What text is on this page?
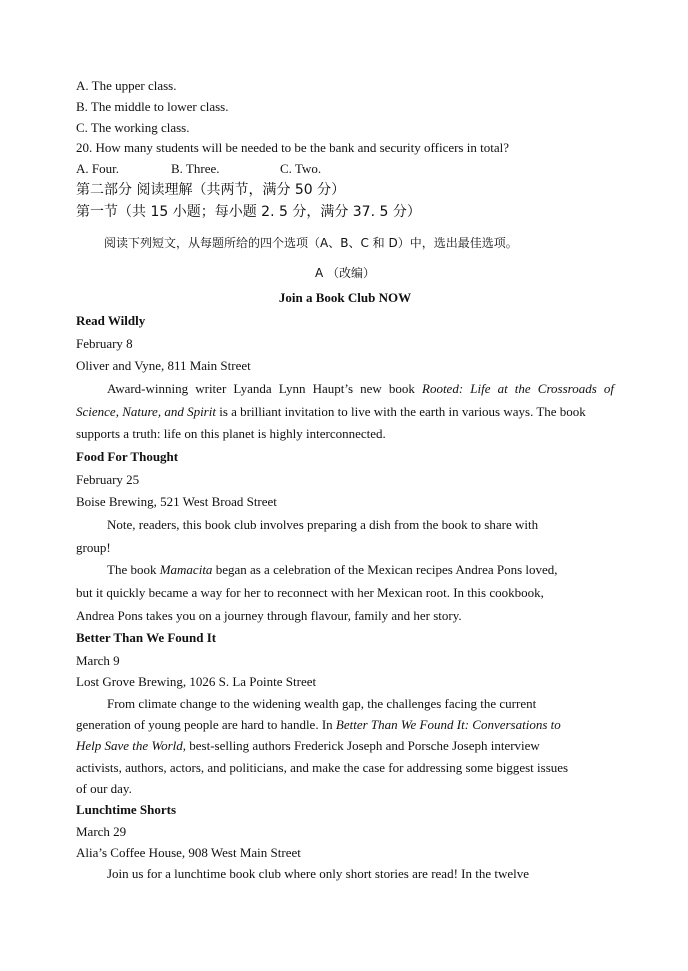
A. The upper class.
B. The middle to lower class.
C. The working class.
20. How many students will be needed to be the bank and security officers in total?
A. Four.	B. Three.	C. Two.
第二部分 阅读理解（共两节，满分 50 分）
第一节（共 15 小题；每小题 2. 5 分，满分 37. 5 分）
阅读下列短文，从每题所给的四个选项（A、B、C 和 D）中，选出最佳选项。
A （改编）
Join a Book Club NOW
Read Wildly
February 8
Oliver and Vyne, 811 Main Street
Award-winning writer Lyanda Lynn Haupt’s new book Rooted: Life at the Crossroads of
Science, Nature, and Spirit is a brilliant invitation to live with the earth in various ways. The book
supports a truth: life on this planet is highly interconnected.
Food For Thought
February 25
Boise Brewing, 521 West Broad Street
Note, readers, this book club involves preparing a dish from the book to share with
group!
The book Mamacita began as a celebration of the Mexican recipes Andrea Pons loved,
but it quickly became a way for her to reconnect with her Mexican root. In this cookbook,
Andrea Pons takes you on a journey through flavour, family and her story.
Better Than We Found It
March 9
Lost Grove Brewing, 1026 S. La Pointe Street
From climate change to the widening wealth gap, the challenges facing the current
generation of young people are hard to handle. In Better Than We Found It: Conversations to
Help Save the World, best-selling authors Frederick Joseph and Porsche Joseph interview
activists, authors, actors, and politicians, and make the case for addressing some biggest issues
of our day.
Lunchtime Shorts
March 29
Alia’s Coffee House, 908 West Main Street
Join us for a lunchtime book club where only short stories are read! In the twelve
